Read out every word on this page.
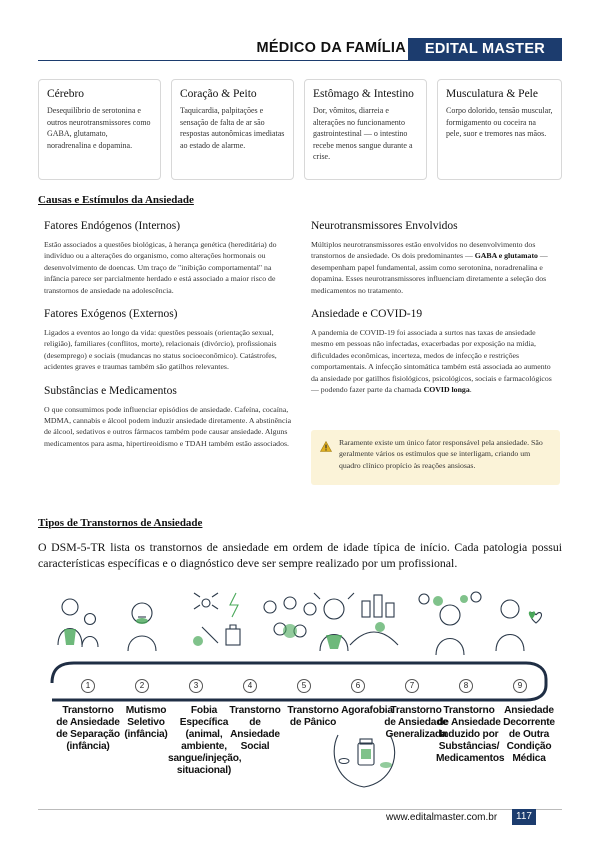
MÉDICO DA FAMÍLIA	EDITAL MASTER
Cérebro

Desequilíbrio de serotonina e outros neurotransmissores como GABA, glutamato, noradrenalina e dopamina.

Coração & Peito

Taquicardia, palpitações e sensação de falta de ar são respostas autonômicas imediatas ao estado de alarme.

Estômago & Intestino

Dor, vômitos, diarreia e alterações no funcionamento gastrointestinal — o intestino recebe menos sangue durante a crise.

Musculatura & Pele

Corpo dolorido, tensão muscular, formigamento ou coceira na pele, suor e tremores nas mãos.

Causas e Estímulos da Ansiedade
Fatores Endógenos (Internos)

Estão associados a questões biológicas, à herança genética (hereditária) do indivíduo ou a alterações do organismo, como alterações hormonais ou desenvolvimento de doencas. Um traço de "inibição comportamental" na infância parece ser parcialmente herdado e está associado a maior risco de transtornos de ansiedade na adolescência.

Fatores Exógenos (Externos)

Ligados a eventos ao longo da vida: questões pessoais (orientação sexual, religião), familiares (conflitos, morte), relacionais (divórcio), profissionais (desemprego) e sociais (mudancas no status socioeconômico). Catástrofes, acidentes graves e traumas também são gatilhos relevantes.

Substâncias e Medicamentos

O que consumimos pode influenciar episódios de ansiedade. Cafeína, cocaína, MDMA, cannabis e álcool podem induzir ansiedade diretamente. A abstinência de álcool, sedativos e outros fármacos também pode causar ansiedade. Alguns medicamentos para asma, hipertireoidismo e TDAH também estão associados.

Neurotransmissores Envolvidos

Múltiplos neurotransmissores estão envolvidos no desenvolvimento dos transtornos de ansiedade. Os dois predominantes — GABA e glutamato — desempenham papel fundamental, assim como serotonina, noradrenalina e dopamina. Esses neurotransmissores influenciam diretamente a seleção dos medicamentos no tratamento.

Ansiedade e COVID-19

A pandemia de COVID-19 foi associada a surtos nas taxas de ansiedade mesmo em pessoas não infectadas, exacerbadas por exposição na mídia, dificuldades econômicas, incerteza, medos de infecção e restrições comportamentais. A infecção sintomática também está associada ao aumento da ansiedade por gatilhos fisiológicos, psicológicos, sociais e farmacológicos — podendo fazer parte da chamada COVID longa.

Raramente existe um único fator responsável pela ansiedade. São geralmente vários os estímulos que se interligam, criando um quadro clínico propício às reações ansiosas.

Tipos de Transtornos de Ansiedade

O DSM-5-TR lista os transtornos de ansiedade em ordem de idade típica de início. Cada patologia possui características específicas e o diagnóstico deve ser sempre realizado por um profissional.

1	2	3	4	5	6	7	8	9
Transtorno
de Ansiedade
de Separação
(infância)
Mutismo
Seletivo
(infância)
Fobia
Específica
(animal,
ambiente,
sangue/injeção,
situacional)
Transtorno
de Ansiedade
Social
Transtorno
de Pânico
Agorafobia
Transtorno
de Ansiedade
Generalizada
Transtorno
de Ansiedade
Induzido por
Substâncias/
Medicamentos
Ansiedade
Decorrente
de Outra
Condição
Médica
www.editalmaster.com.br	117
